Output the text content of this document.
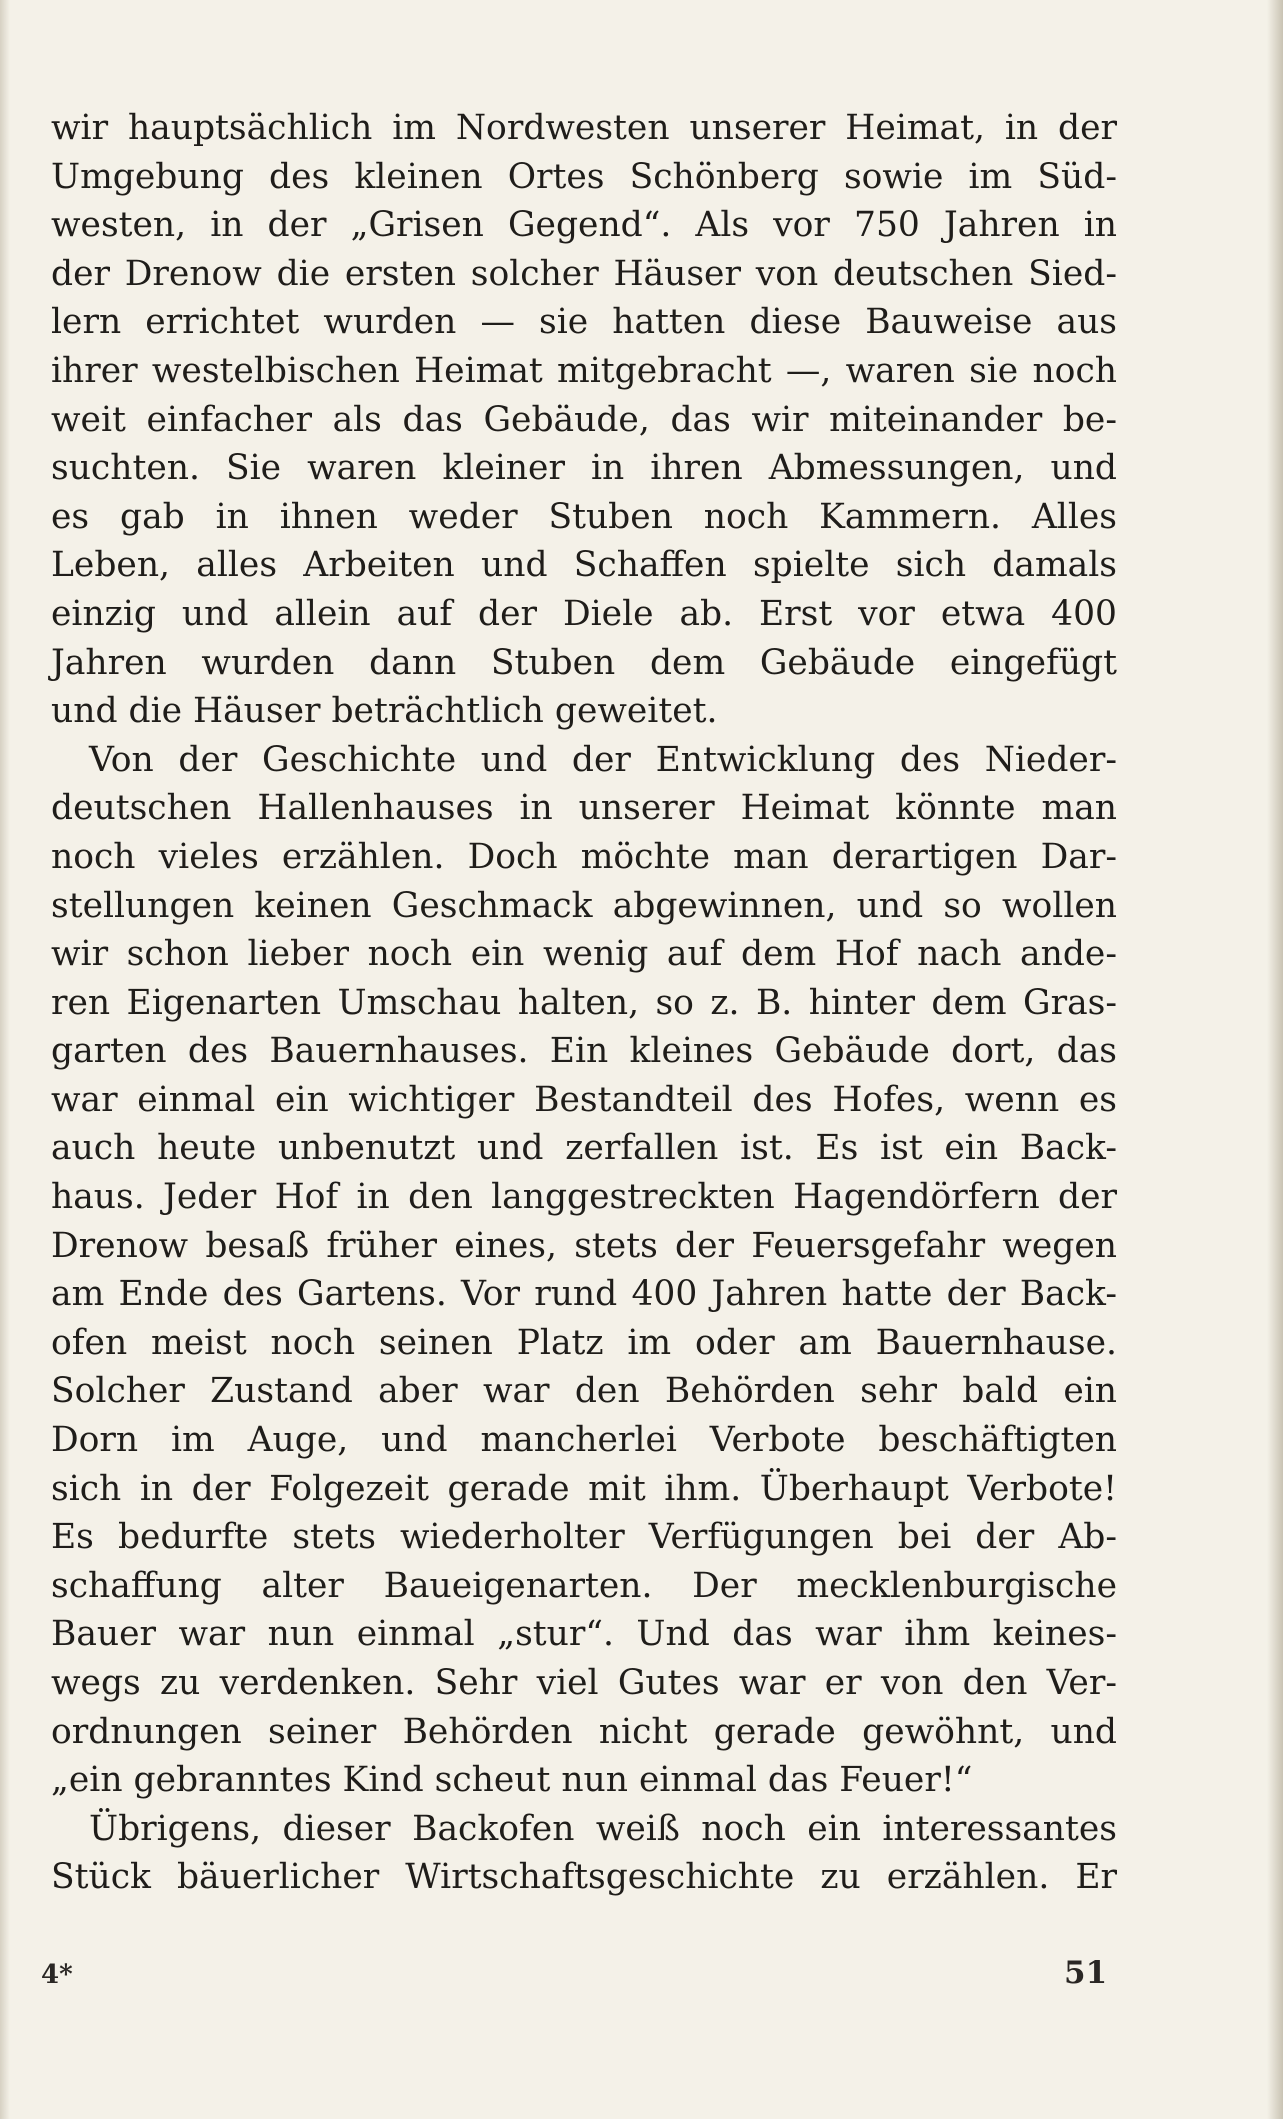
wir hauptsächlich im Nordwesten unserer Heimat, in der
Umgebung des kleinen Ortes Schönberg sowie im Süd-
westen, in der „Grisen Gegend“. Als vor 750 Jahren in
der Drenow die ersten solcher Häuser von deutschen Sied-
lern errichtet wurden — sie hatten diese Bauweise aus
ihrer westelbischen Heimat mitgebracht —, waren sie noch
weit einfacher als das Gebäude, das wir miteinander be-
suchten. Sie waren kleiner in ihren Abmessungen, und
es gab in ihnen weder Stuben noch Kammern. Alles
Leben, alles Arbeiten und Schaffen spielte sich damals
einzig und allein auf der Diele ab. Erst vor etwa 400
Jahren wurden dann Stuben dem Gebäude eingefügt
und die Häuser beträchtlich geweitet.
Von der Geschichte und der Entwicklung des Nieder-
deutschen Hallenhauses in unserer Heimat könnte man
noch vieles erzählen. Doch möchte man derartigen Dar-
stellungen keinen Geschmack abgewinnen, und so wollen
wir schon lieber noch ein wenig auf dem Hof nach ande-
ren Eigenarten Umschau halten, so z. B. hinter dem Gras-
garten des Bauernhauses. Ein kleines Gebäude dort, das
war einmal ein wichtiger Bestandteil des Hofes, wenn es
auch heute unbenutzt und zerfallen ist. Es ist ein Back-
haus. Jeder Hof in den langgestreckten Hagendörfern der
Drenow besaß früher eines, stets der Feuersgefahr wegen
am Ende des Gartens. Vor rund 400 Jahren hatte der Back-
ofen meist noch seinen Platz im oder am Bauernhause.
Solcher Zustand aber war den Behörden sehr bald ein
Dorn im Auge, und mancherlei Verbote beschäftigten
sich in der Folgezeit gerade mit ihm. Überhaupt Verbote!
Es bedurfte stets wiederholter Verfügungen bei der Ab-
schaffung alter Baueigenarten. Der mecklenburgische
Bauer war nun einmal „stur“. Und das war ihm keines-
wegs zu verdenken. Sehr viel Gutes war er von den Ver-
ordnungen seiner Behörden nicht gerade gewöhnt, und
„ein gebranntes Kind scheut nun einmal das Feuer!“
Übrigens, dieser Backofen weiß noch ein interessantes
Stück bäuerlicher Wirtschaftsgeschichte zu erzählen. Er
4*	51
